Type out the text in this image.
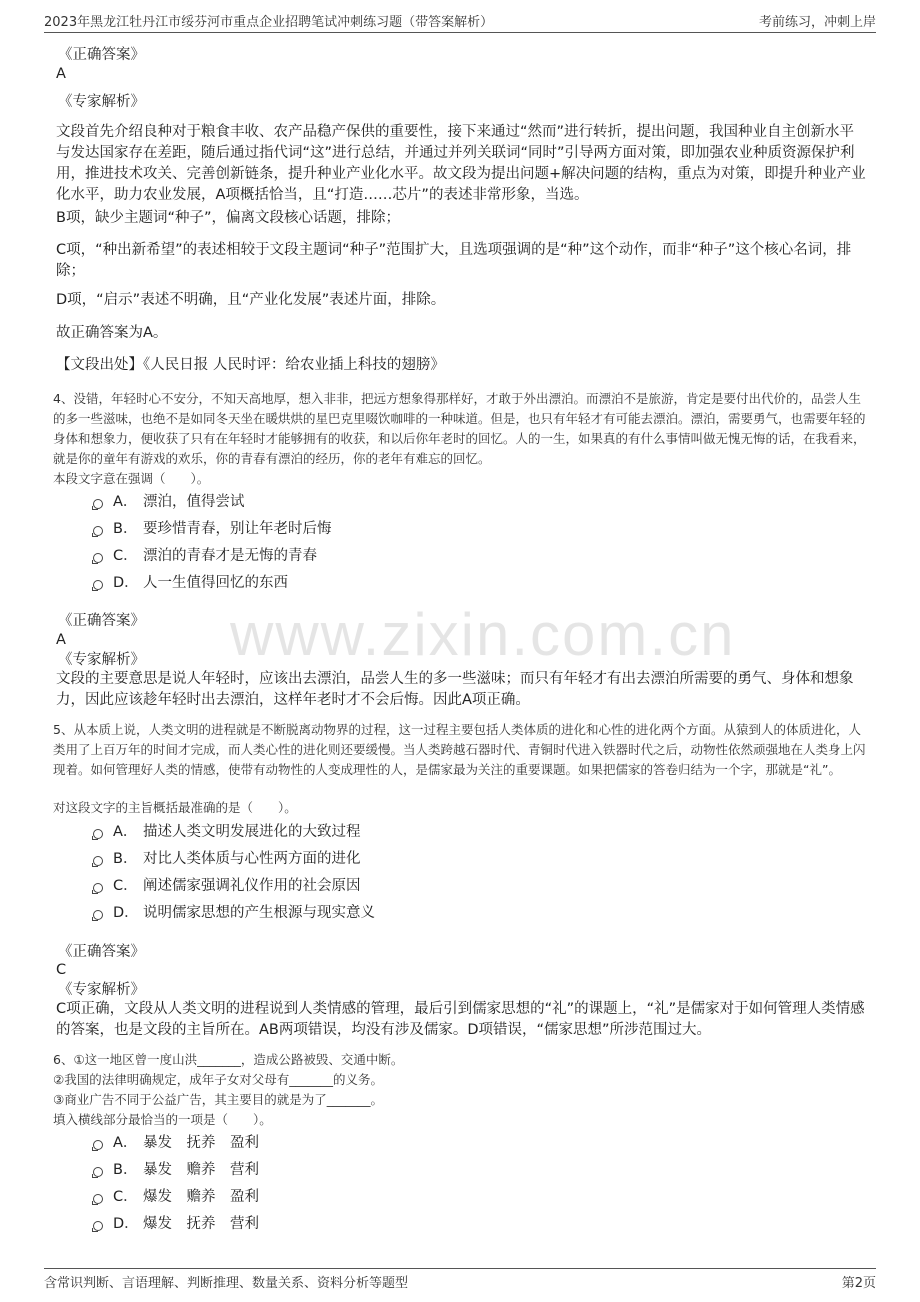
2023年黑龙江牡丹江市绥芬河市重点企业招聘笔试冲刺练习题（带答案解析）	考前练习，冲刺上岸
www.zixin.com.cn

《正确答案》

A

《专家解析》

文段首先介绍良种对于粮食丰收、农产品稳产保供的重要性，接下来通过“然而”进行转折，提出问题，我国种业自主创新水平与发达国家存在差距，随后通过指代词“这”进行总结，并通过并列关联词“同时”引导两方面对策，即加强农业种质资源保护利用，推进技术攻关、完善创新链条，提升种业产业化水平。故文段为提出问题+解决问题的结构，重点为对策，即提升种业产业化水平，助力农业发展，A项概括恰当，且“打造……芯片”的表述非常形象，当选。

B项，缺少主题词“种子”，偏离文段核心话题，排除；

C项，“种出新希望”的表述相较于文段主题词“种子”范围扩大，且选项强调的是“种”这个动作，而非“种子”这个核心名词，排除；

D项，“启示”表述不明确，且“产业化发展”表述片面，排除。

故正确答案为A。

【文段出处】《人民日报 人民时评：给农业插上科技的翅膀》

4、没错，年轻时心不安分，不知天高地厚，想入非非，把远方想象得那样好，才敢于外出漂泊。而漂泊不是旅游，肯定是要付出代价的，品尝人生的多一些滋味，也绝不是如同冬天坐在暖烘烘的星巴克里啜饮咖啡的一种味道。但是，也只有年轻才有可能去漂泊。漂泊，需要勇气，也需要年轻的身体和想象力，便收获了只有在年轻时才能够拥有的收获，和以后你年老时的回忆。人的一生，如果真的有什么事情叫做无愧无悔的话，在我看来，就是你的童年有游戏的欢乐，你的青春有漂泊的经历，你的老年有难忘的回忆。

本段文字意在强调（　　）。

A． 漂泊，值得尝试
B． 要珍惜青春，别让年老时后悔
C． 漂泊的青春才是无悔的青春
D． 人一生值得回忆的东西

《正确答案》

A

《专家解析》

文段的主要意思是说人年轻时，应该出去漂泊，品尝人生的多一些滋味；而只有年轻才有出去漂泊所需要的勇气、身体和想象力，因此应该趁年轻时出去漂泊，这样年老时才不会后悔。因此A项正确。

5、从本质上说，人类文明的进程就是不断脱离动物界的过程，这一过程主要包括人类体质的进化和心性的进化两个方面。从猿到人的体质进化，人类用了上百万年的时间才完成，而人类心性的进化则还要缓慢。当人类跨越石器时代、青铜时代进入铁器时代之后，动物性依然顽强地在人类身上闪现着。如何管理好人类的情感，使带有动物性的人变成理性的人，是儒家最为关注的重要课题。如果把儒家的答卷归结为一个字，那就是“礼”。

对这段文字的主旨概括最准确的是（　　）。

A． 描述人类文明发展进化的大致过程
B． 对比人类体质与心性两方面的进化
C． 阐述儒家强调礼仪作用的社会原因
D． 说明儒家思想的产生根源与现实意义

《正确答案》

C

《专家解析》

C项正确，文段从人类文明的进程说到人类情感的管理，最后引到儒家思想的“礼”的课题上，“礼”是儒家对于如何管理人类情感的答案，也是文段的主旨所在。AB两项错误，均没有涉及儒家。D项错误，“儒家思想”所涉范围过大。

6、①这一地区曾一度山洪_______，造成公路被毁、交通中断。

②我国的法律明确规定，成年子女对父母有_______的义务。

③商业广告不同于公益广告，其主要目的就是为了_______。

填入横线部分最恰当的一项是（　　）。

A． 暴发　抚养　盈利
B． 暴发　赡养　营利
C． 爆发　赡养　盈利
D． 爆发　抚养　营利
含常识判断、言语理解、判断推理、数量关系、资料分析等题型	第2页
